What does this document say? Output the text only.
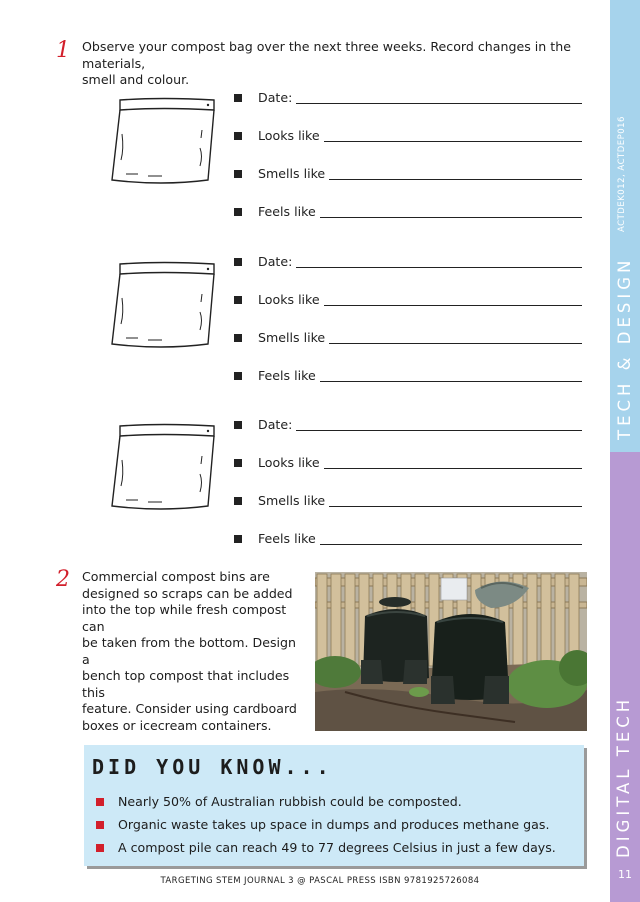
1 Observe your compost bag over the next three weeks. Record changes in the materials,
smell and colour.
Date:
Looks like
Smells like
Feels like
Date:
Looks like
Smells like
Feels like
Date:
Looks like
Smells like
Feels like
2 Commercial compost bins are
designed so scraps can be added
into the top while fresh compost can
be taken from the bottom. Design a
bench top compost that includes this
feature. Consider using cardboard
boxes or icecream containers.
DID YOU KNOW...
Nearly 50% of Australian rubbish could be composted.
Organic waste takes up space in dumps and produces methane gas.
A compost pile can reach 49 to 77 degrees Celsius in just a few days.
TARGETING STEM JOURNAL 3 @ PASCAL PRESS ISBN 9781925726084
TECH & DESIGN
ACTDEK012, ACTDEP016
DIGITAL TECH
11
